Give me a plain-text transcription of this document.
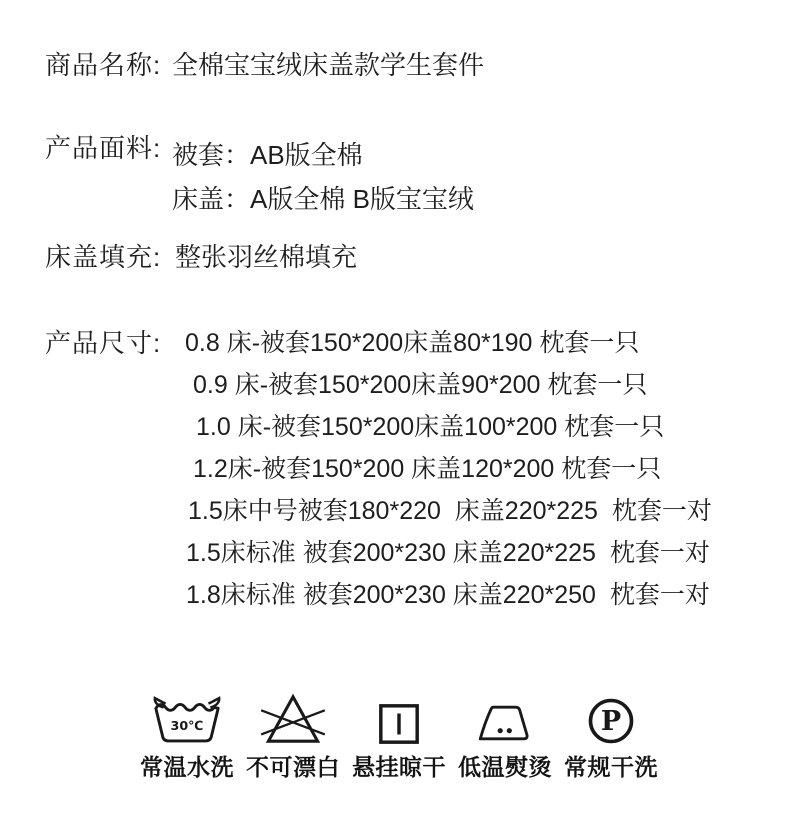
商品名称: 全棉宝宝绒床盖款学生套件
产品面料: 被套：AB版全棉
床盖：A版全棉 B版宝宝绒
床盖填充: 整张羽丝棉填充
产品尺寸: 0.8 床-被套150*200床盖80*190 枕套一只
0.9 床-被套150*200床盖90*200 枕套一只
1.0 床-被套150*200床盖100*200 枕套一只
1.2床-被套150*200 床盖120*200 枕套一只
1.5床中号被套180*220  床盖220*225  枕套一对
1.5床标准 被套200*230 床盖220*225  枕套一对
1.8床标准 被套200*230 床盖220*250  枕套一对
30℃
常温水洗 不可漂白 悬挂晾干 低温熨烫
P
常规干洗
